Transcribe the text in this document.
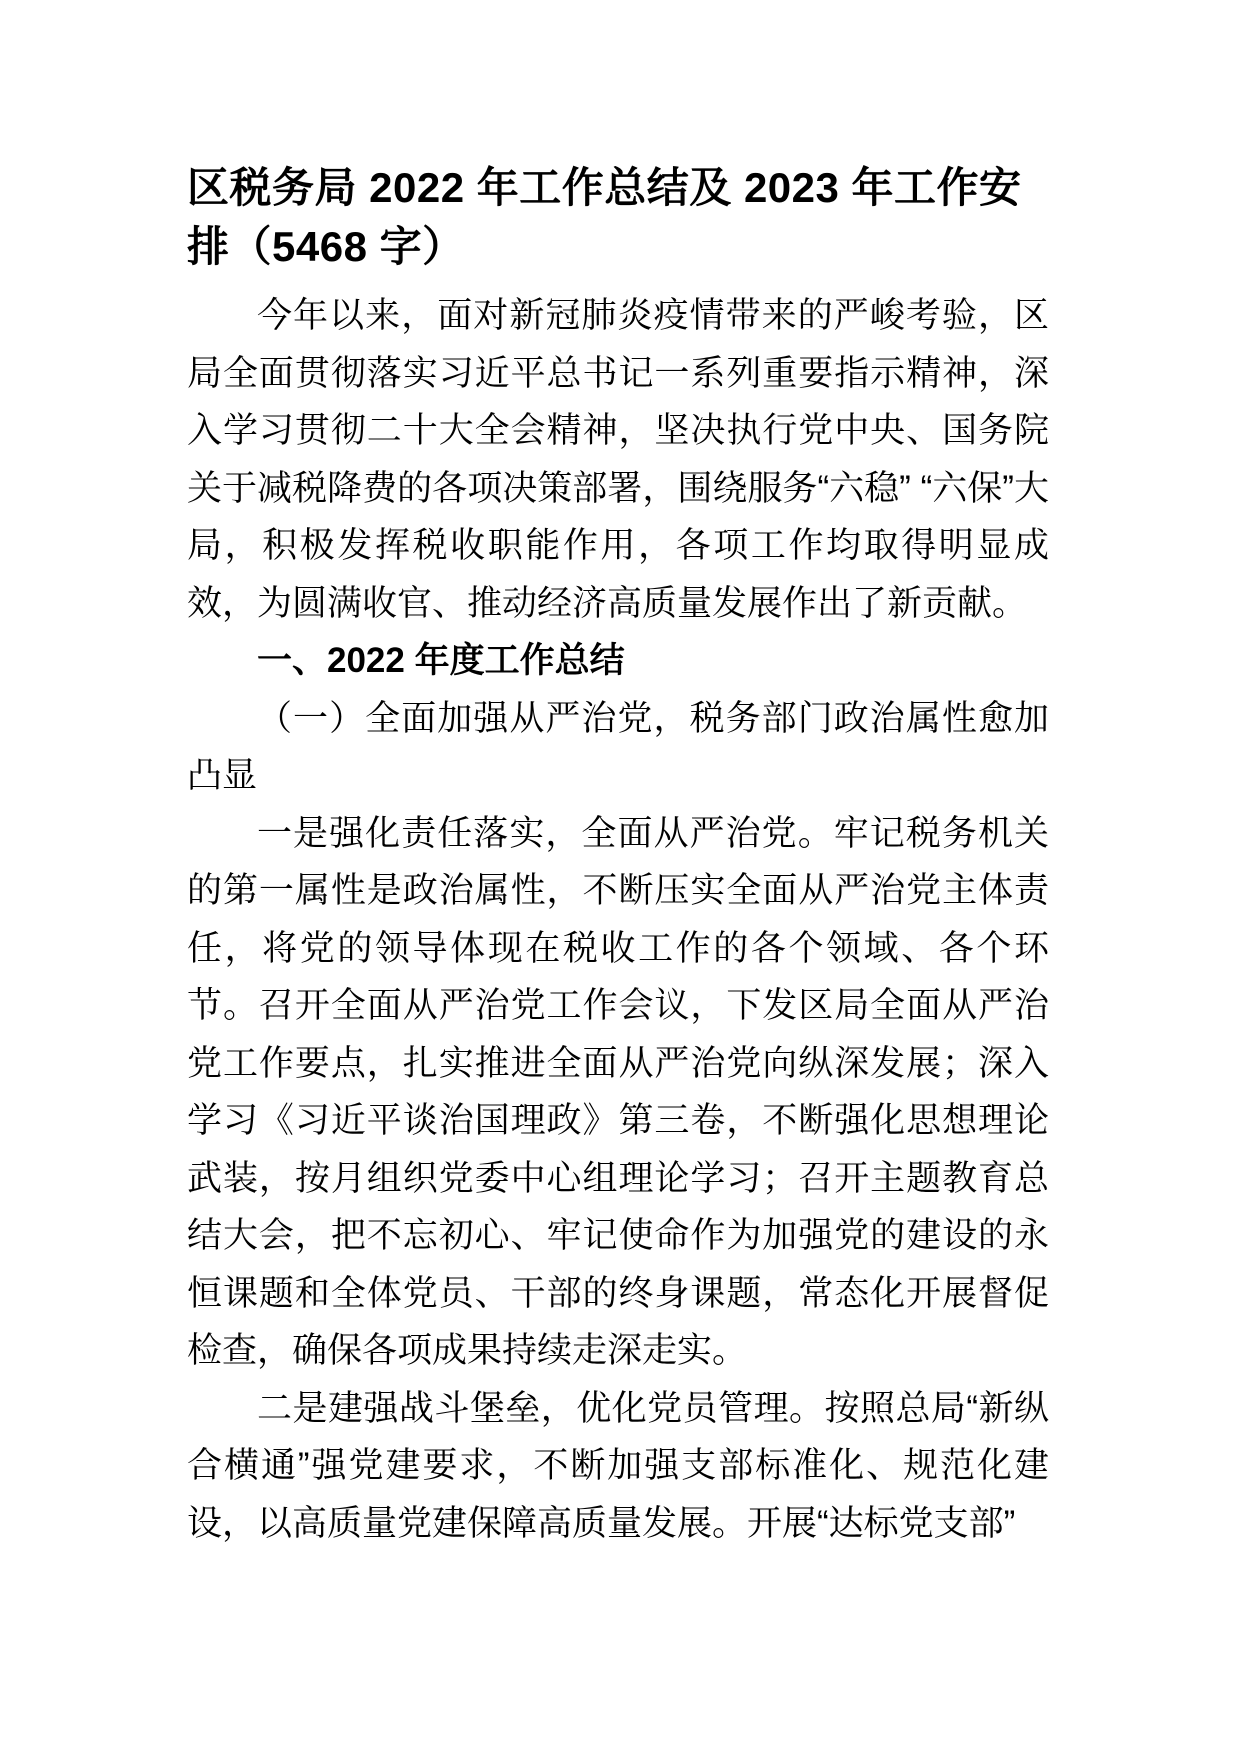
区税务局 2022 年工作总结及 2023 年工作安排（5468 字）

今年以来，面对新冠肺炎疫情带来的严峻考验，区局全面贯彻落实习近平总书记一系列重要指示精神，深入学习贯彻二十大全会精神，坚决执行党中央、国务院关于减税降费的各项决策部署，围绕服务“六稳” “六保”大局，积极发挥税收职能作用，各项工作均取得明显成效，为圆满收官、推动经济高质量发展作出了新贡献。

一、2022 年度工作总结

（一）全面加强从严治党，税务部门政治属性愈加凸显

一是强化责任落实，全面从严治党。牢记税务机关的第一属性是政治属性，不断压实全面从严治党主体责任，将党的领导体现在税收工作的各个领域、各个环节。召开全面从严治党工作会议，下发区局全面从严治党工作要点，扎实推进全面从严治党向纵深发展；深入学习《习近平谈治国理政》第三卷，不断强化思想理论武装，按月组织党委中心组理论学习；召开主题教育总结大会，把不忘初心、牢记使命作为加强党的建设的永恒课题和全体党员、干部的终身课题，常态化开展督促检查，确保各项成果持续走深走实。

二是建强战斗堡垒，优化党员管理。按照总局“新纵合横通”强党建要求，不断加强支部标准化、规范化建设，以高质量党建保障高质量发展。开展“达标党支部”
